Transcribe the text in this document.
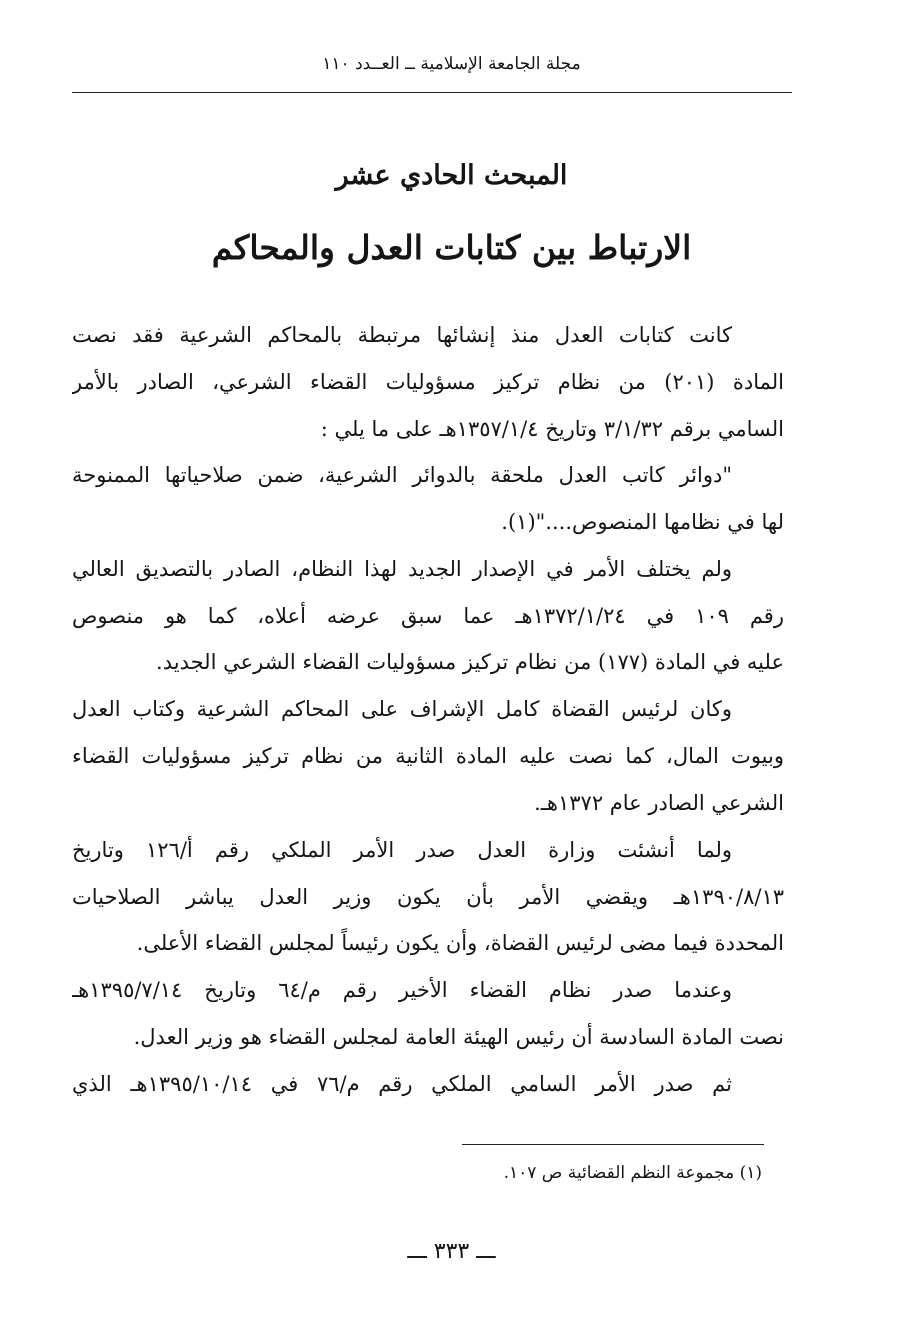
مجلة الجامعة الإسلامية ــ العــدد ١١٠
المبحث الحادي عشر
الارتباط بين كتابات العدل والمحاكم
كانت كتابات العدل منذ إنشائها مرتبطة بالمحاكم الشرعية فقد نصت
المادة (٢٠١) من نظام تركيز مسؤوليات القضاء الشرعي، الصادر بالأمر
السامي برقم ٣/١/٣٢ وتاريخ ١٣٥٧/١/٤هـ على ما يلي :
"دوائر كاتب العدل ملحقة بالدوائر الشرعية، ضمن صلاحياتها الممنوحة
لها في نظامها المنصوص...."(١).
ولم يختلف الأمر في الإصدار الجديد لهذا النظام، الصادر بالتصديق العالي
رقم ١٠٩ في ١٣٧٢/١/٢٤هـ عما سبق عرضه أعلاه، كما هو منصوص
عليه في المادة (١٧٧) من نظام تركيز مسؤوليات القضاء الشرعي الجديد.
وكان لرئيس القضاة كامل الإشراف على المحاكم الشرعية وكتاب العدل
وبيوت المال، كما نصت عليه المادة الثانية من نظام تركيز مسؤوليات القضاء
الشرعي الصادر عام ١٣٧٢هـ.
ولما أنشئت وزارة العدل صدر الأمر الملكي رقم أ/١٢٦ وتاريخ
١٣٩٠/٨/١٣هـ ويقضي الأمر بأن يكون وزير العدل يباشر الصلاحيات
المحددة فيما مضى لرئيس القضاة، وأن يكون رئيساً لمجلس القضاء الأعلى.
وعندما صدر نظام القضاء الأخير رقم م/٦٤ وتاريخ ١٣٩٥/٧/١٤هـ
نصت المادة السادسة أن رئيس الهيئة العامة لمجلس القضاء هو وزير العدل.
ثم صدر الأمر السامي الملكي رقم م/٧٦ في ١٣٩٥/١٠/١٤هـ الذي
(١) مجموعة النظم القضائية ص ١٠٧.
ـــ ٣٣٣ ـــ
